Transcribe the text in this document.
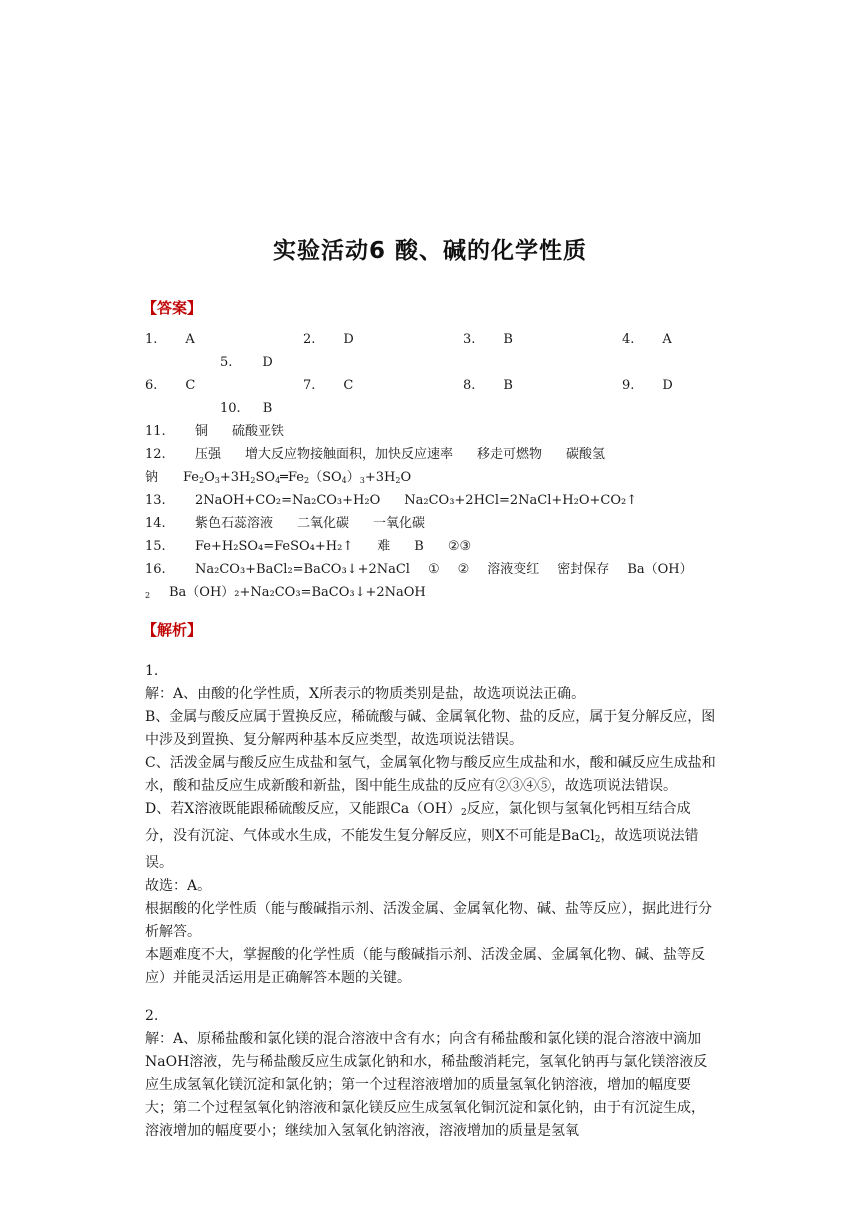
实验活动6 酸、碱的化学性质
【答案】
1. A	2. D	3. B	4. A
5. D
6. C	7. C	8. B	9. D
10. B
11. 铜 硫酸亚铁
12. 压强 增大反应物接触面积，加快反应速率 移走可燃物 碳酸氢
钠 $Fe_2O_3+3H_2SO_4═Fe_2(SO_4)_3+3H_2O$
13. 2NaOH+CO₂=Na₂CO₃+H₂O Na₂CO₃+2HCl=2NaCl+H₂O+CO₂↑
14. 紫色石蕊溶液 二氧化碳 一氧化碳
15. Fe+H₂SO₄=FeSO₄+H₂↑ 难 B ②③
16. Na₂CO₃+BaCl₂=BaCO₃↓+2NaCl ① ② 溶液变红 密封保存 Ba（OH）
$_2$ Ba（OH）₂+Na₂CO₃=BaCO₃↓+2NaOH
【解析】

1.

解：A、由酸的化学性质，X所表示的物质类别是盐，故选项说法正确。

B、金属与酸反应属于置换反应，稀硫酸与碱、金属氧化物、盐的反应，属于复分解反应，图中涉及到置换、复分解两种基本反应类型，故选项说法错误。

C、活泼金属与酸反应生成盐和氢气，金属氧化物与酸反应生成盐和水，酸和碱反应生成盐和水，酸和盐反应生成新酸和新盐，图中能生成盐的反应有②③④⑤，故选项说法错误。

D、若X溶液既能跟稀硫酸反应，又能跟$Ca(OH)_2$反应，氯化钡与氢氧化钙相互结合成分，没有沉淀、气体或水生成，不能发生复分解反应，则X不可能是BaCl$_2$，故选项说法错误。

故选：A。

根据酸的化学性质（能与酸碱指示剂、活泼金属、金属氧化物、碱、盐等反应），据此进行分析解答。

本题难度不大，掌握酸的化学性质（能与酸碱指示剂、活泼金属、金属氧化物、碱、盐等反应）并能灵活运用是正确解答本题的关键。

2.

解：A、原稀盐酸和氯化镁的混合溶液中含有水；向含有稀盐酸和氯化镁的混合溶液中滴加NaOH溶液，先与稀盐酸反应生成氯化钠和水，稀盐酸消耗完，氢氧化钠再与氯化镁溶液反应生成氢氧化镁沉淀和氯化钠；第一个过程溶液增加的质量氢氧化钠溶液，增加的幅度要大；第二个过程氢氧化钠溶液和氯化镁反应生成氢氧化铜沉淀和氯化钠，由于有沉淀生成，溶液增加的幅度要小；继续加入氢氧化钠溶液，溶液增加的质量是氢氧
